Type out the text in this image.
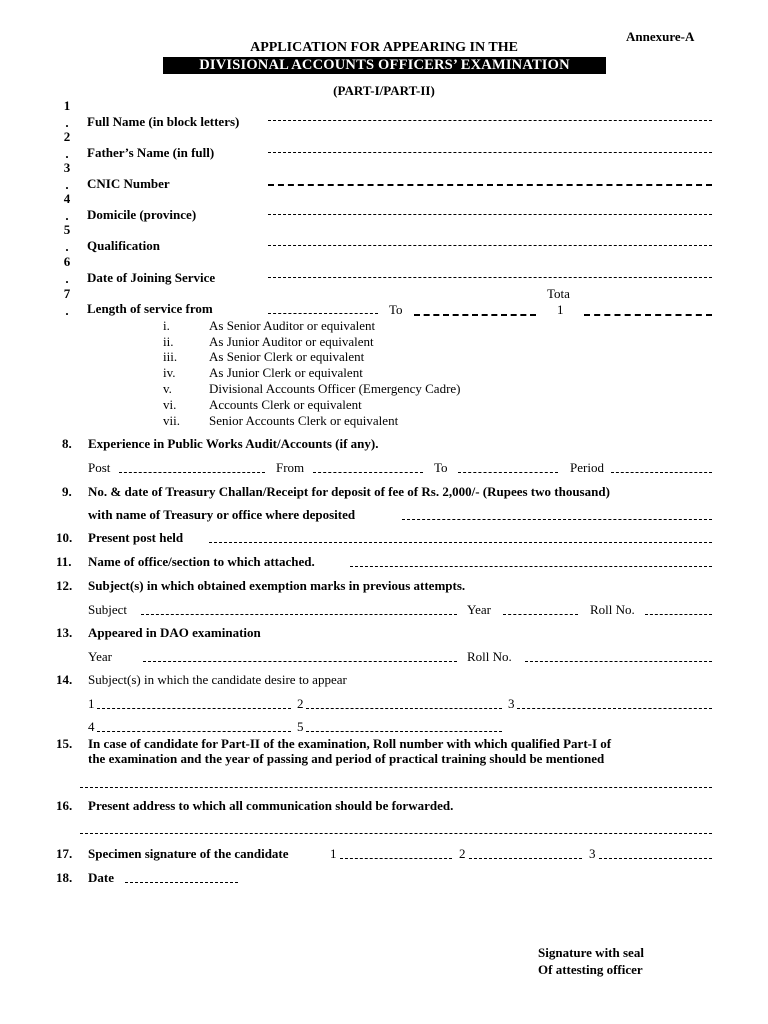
Annexure-A
APPLICATION FOR APPEARING IN THE
DIVISIONAL ACCOUNTS OFFICERS’ EXAMINATION
(PART-I/PART-II)
1
.	Full Name (in block letters)
2
.	Father’s Name (in full)
3
.	CNIC Number
4
.	Domicile (province)
5
.	Qualification
6
.	Date of Joining Service
7
.	Length of service from	To
Tota
1
i.	As Senior Auditor or equivalent
ii.	As Junior Auditor or equivalent
iii. As Senior Clerk or equivalent
iv.	As Junior Clerk or equivalent
v.	Divisional Accounts Officer (Emergency Cadre)
vi.	Accounts Clerk or equivalent
vii. Senior Accounts Clerk or equivalent
8. Experience in Public Works Audit/Accounts (if any).
Post	From	To	Period
9. No. & date of Treasury Challan/Receipt for deposit of fee of Rs. 2,000/- (Rupees two thousand)
with name of Treasury or office where deposited
10. Present post held
11. Name of office/section to which attached.
12. Subject(s) in which obtained exemption marks in previous attempts.
Subject	Year	Roll No.
13. Appeared in DAO examination
Year	Roll No.
14. Subject(s) in which the candidate desire to appear
1	2	3
4	5
15. In case of candidate for Part-II of the examination, Roll number with which qualified Part-I of
the examination and the year of passing and period of practical training should be mentioned
16. Present address to which all communication should be forwarded.
17. Specimen signature of the candidate	1	2	3
18. Date
Signature with seal
Of attesting officer
